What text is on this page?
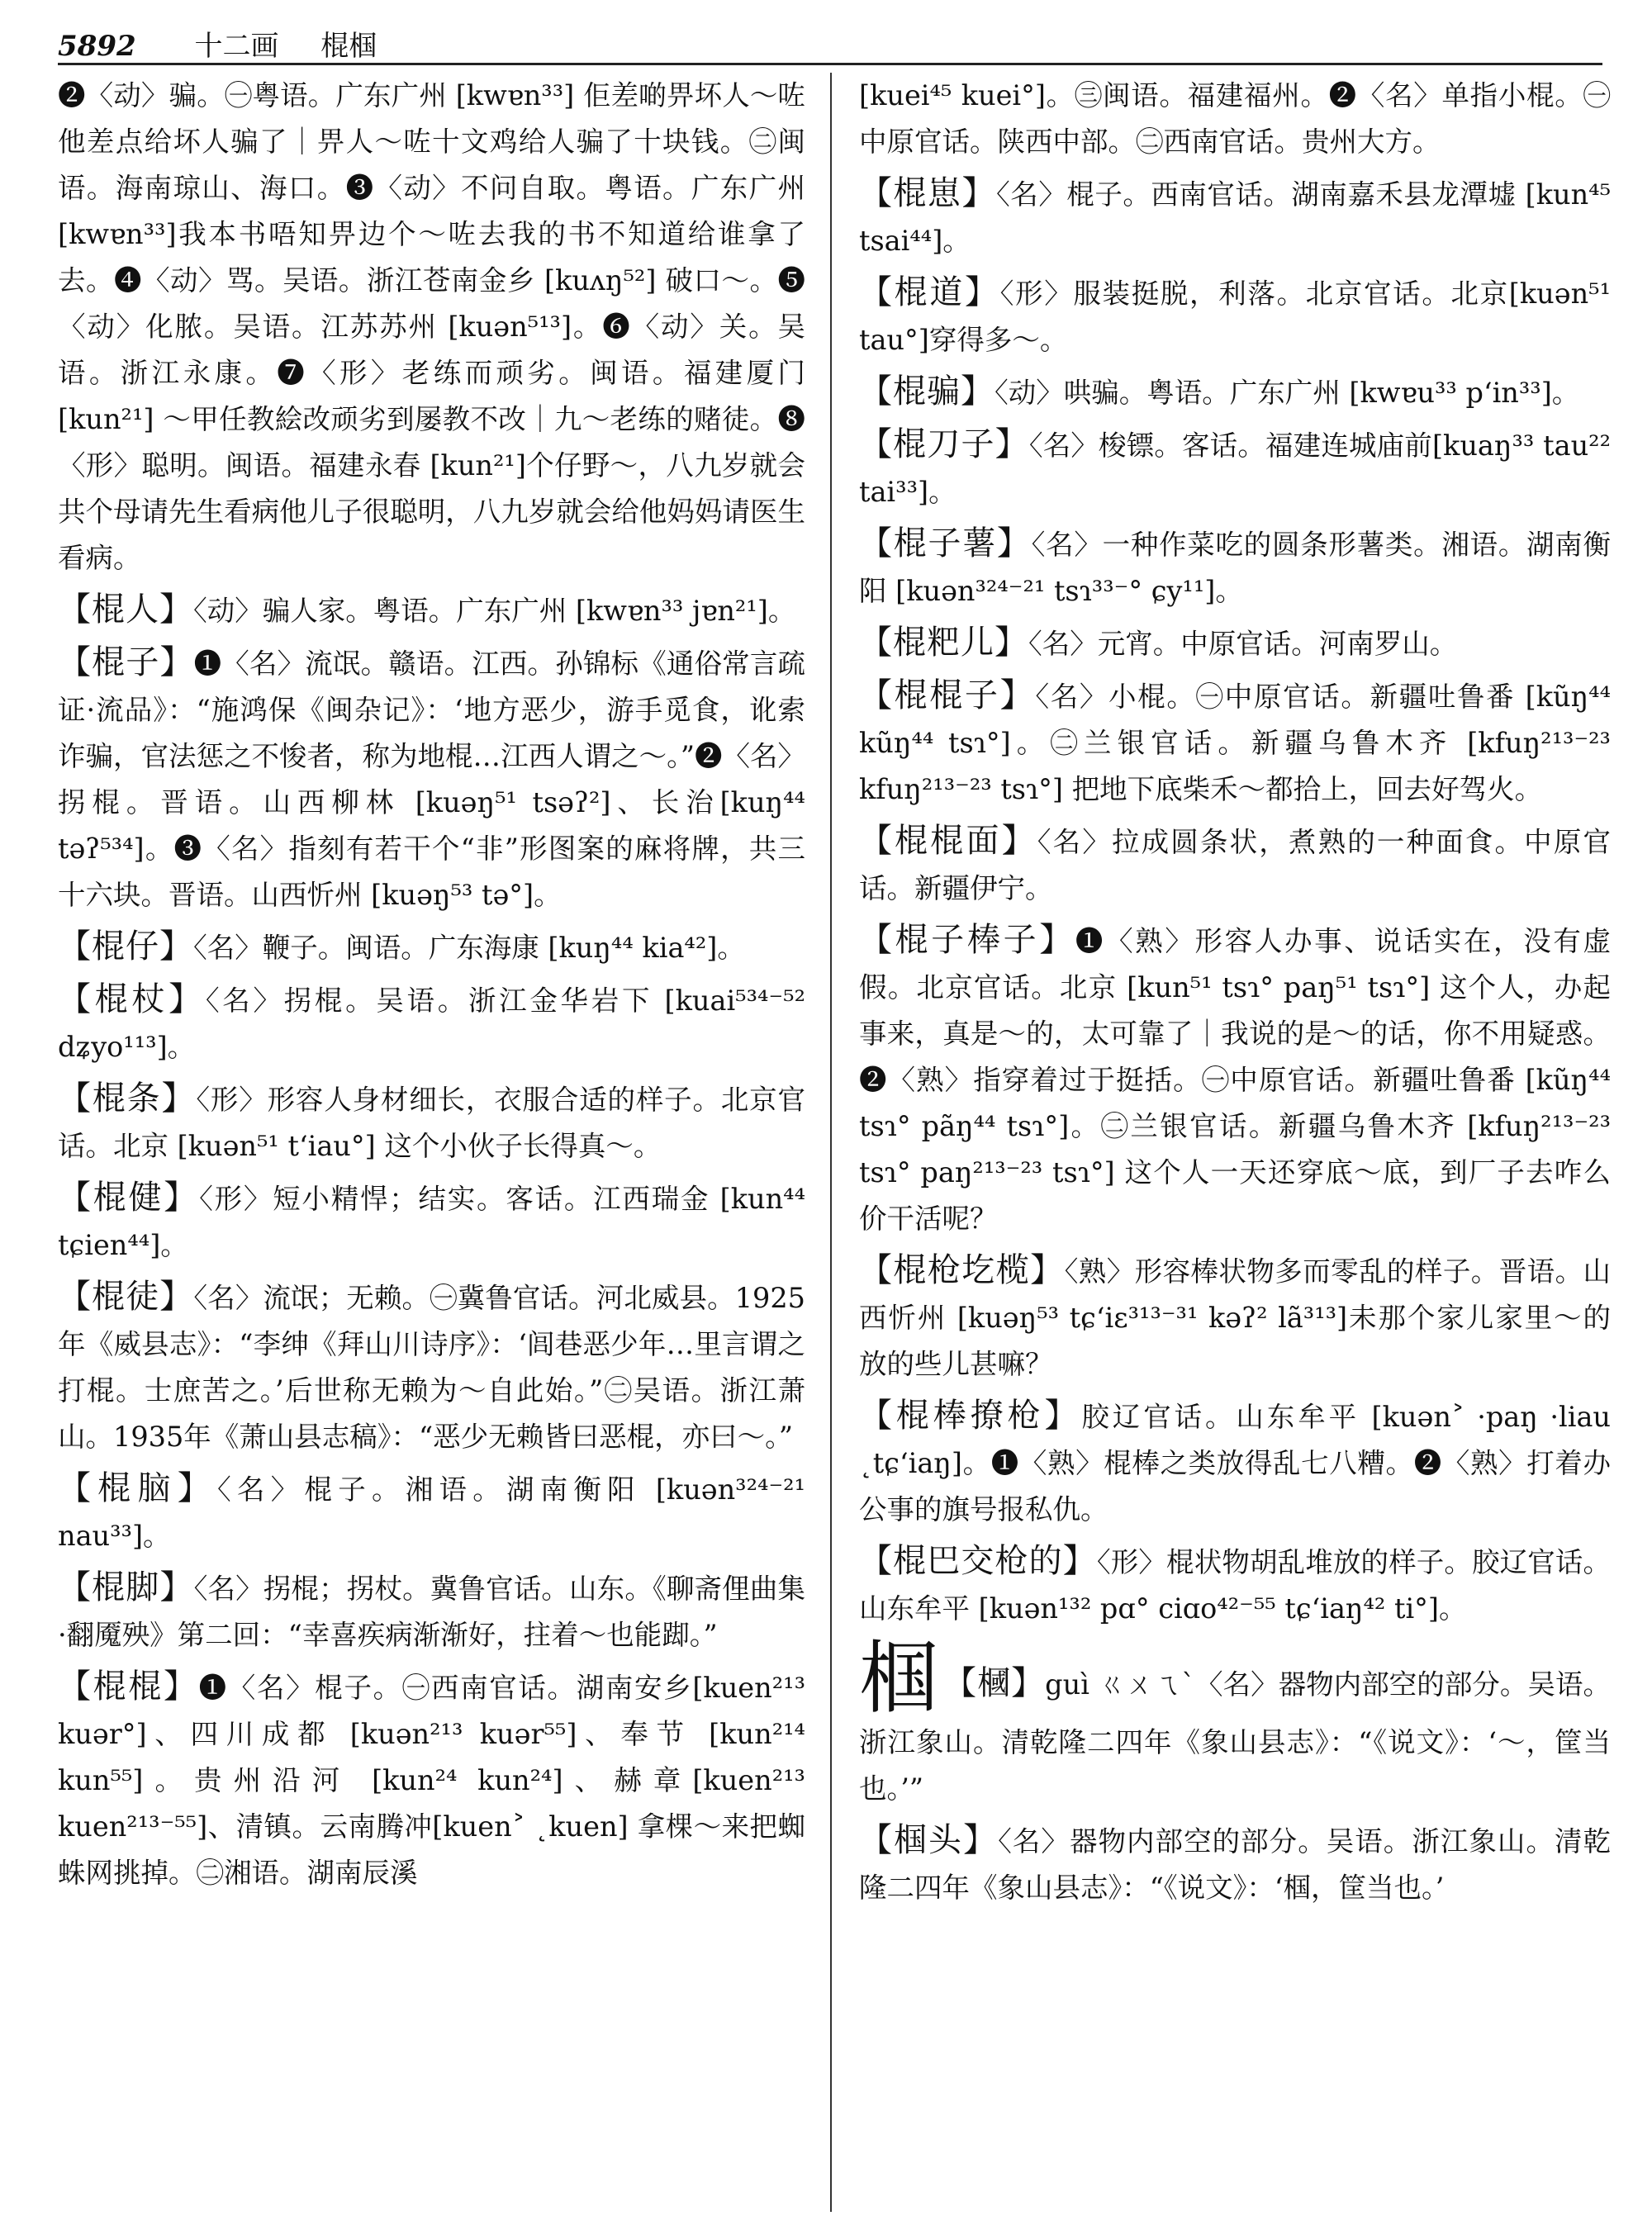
5892 十二画 棍椢

❷〈动〉骗。㊀粤语。广东广州 [kwɐn³³] 佢差啲畀坏人～咗他差点给坏人骗了｜畀人～咗十文鸡给人骗了十块钱。㊁闽语。海南琼山、海口。❸〈动〉不问自取。粤语。广东广州 [kwɐn³³]我本书唔知畀边个～咗去我的书不知道给谁拿了去。❹〈动〉骂。吴语。浙江苍南金乡 [kuʌŋ⁵²] 破口～。❺〈动〉化脓。吴语。江苏苏州 [kuən⁵¹³]。❻〈动〉关。吴语。浙江永康。❼〈形〉老练而顽劣。闽语。福建厦门 [kun²¹] ～甲任教絵改顽劣到屡教不改｜九～老练的赌徒。❽〈形〉聪明。闽语。福建永春 [kun²¹]个仔野～，八九岁就会共个母请先生看病他儿子很聪明，八九岁就会给他妈妈请医生看病。

【棍人】〈动〉骗人家。粤语。广东广州 [kwɐn³³ jɐn²¹]。

【棍子】❶〈名〉流氓。赣语。江西。孙锦标《通俗常言疏证·流品》：“施鸿保《闽杂记》：‘地方恶少，游手觅食，讹索诈骗，官法惩之不悛者，称为地棍…江西人谓之～。”❷〈名〉拐棍。晋语。山西柳林 [kuəŋ⁵¹ tsəʔ²]、长治[kuŋ⁴⁴ təʔ⁵³⁴]。❸〈名〉指刻有若干个“非”形图案的麻将牌，共三十六块。晋语。山西忻州 [kuəŋ⁵³ tə°]。

【棍仔】〈名〉鞭子。闽语。广东海康 [kuŋ⁴⁴ kia⁴²]。

【棍杖】〈名〉拐棍。吴语。浙江金华岩下 [kuai⁵³⁴⁻⁵² dʑyo¹¹³]。

【棍条】〈形〉形容人身材细长，衣服合适的样子。北京官话。北京 [kuən⁵¹ tʻiau°] 这个小伙子长得真～。

【棍健】〈形〉短小精悍；结实。客话。江西瑞金 [kun⁴⁴ tɕien⁴⁴]。

【棍徒】〈名〉流氓；无赖。㊀冀鲁官话。河北威县。1925年《威县志》：“李绅《拜山川诗序》：‘闾巷恶少年…里言谓之打棍。士庶苦之。’后世称无赖为～自此始。”㊁吴语。浙江萧山。1935年《萧山县志稿》：“恶少无赖皆曰恶棍，亦曰～。”

【棍脑】〈名〉棍子。湘语。湖南衡阳 [kuən³²⁴⁻²¹ nau³³]。

【棍脚】〈名〉拐棍；拐杖。冀鲁官话。山东。《聊斋俚曲集·翻魇殃》第二回：“幸喜疾病渐渐好，拄着～也能踋。”

【棍棍】❶〈名〉棍子。㊀西南官话。湖南安乡[kuen²¹³ kuər°]、四川成都 [kuən²¹³ kuər⁵⁵]、奉节 [kun²¹⁴ kun⁵⁵]。贵州沿河 [kun²⁴ kun²⁴]、赫章[kuen²¹³ kuen²¹³⁻⁵⁵]、清镇。云南腾冲[kuen˃ ˛kuen] 拿棵～来把蜘蛛网挑掉。㊁湘语。湖南辰溪

[kuei⁴⁵ kuei°]。㊂闽语。福建福州。❷〈名〉单指小棍。㊀中原官话。陕西中部。㊁西南官话。贵州大方。

【棍崽】〈名〉棍子。西南官话。湖南嘉禾县龙潭墟 [kun⁴⁵ tsai⁴⁴]。

【棍道】〈形〉服装挺脱，利落。北京官话。北京[kuən⁵¹ tau°]穿得多～。

【棍骗】〈动〉哄骗。粤语。广东广州 [kwɐu³³ pʻin³³]。

【棍刀子】〈名〉梭镖。客话。福建连城庙前[kuaŋ³³ tau²² tai³³]。

【棍子薯】〈名〉一种作菜吃的圆条形薯类。湘语。湖南衡阳 [kuən³²⁴⁻²¹ tsɿ³³⁻° ɕy¹¹]。

【棍粑儿】〈名〉元宵。中原官话。河南罗山。

【棍棍子】〈名〉小棍。㊀中原官话。新疆吐鲁番 [kũŋ⁴⁴ kũŋ⁴⁴ tsɿ°]。㊁兰银官话。新疆乌鲁木齐 [kfuŋ²¹³⁻²³ kfuŋ²¹³⁻²³ tsɿ°] 把地下底柴禾～都拾上，回去好驾火。

【棍棍面】〈名〉拉成圆条状，煮熟的一种面食。中原官话。新疆伊宁。

【棍子棒子】❶〈熟〉形容人办事、说话实在，没有虚假。北京官话。北京 [kun⁵¹ tsɿ° paŋ⁵¹ tsɿ°] 这个人，办起事来，真是～的，太可靠了｜我说的是～的话，你不用疑惑。❷〈熟〉指穿着过于挺括。㊀中原官话。新疆吐鲁番 [kũŋ⁴⁴ tsɿ° pãŋ⁴⁴ tsɿ°]。㊁兰银官话。新疆乌鲁木齐 [kfuŋ²¹³⁻²³ tsɿ° paŋ²¹³⁻²³ tsɿ°] 这个人一天还穿底～底，到厂子去咋么价干活呢？

【棍枪圪榄】〈熟〉形容棒状物多而零乱的样子。晋语。山西忻州 [kuəŋ⁵³ tɕʻiɛ³¹³⁻³¹ kəʔ² lã³¹³]未那个家儿家里～的放的些儿甚嘛？

【棍棒撩枪】胶辽官话。山东牟平 [kuən˃ ·paŋ ·liau ˛tɕʻiaŋ]。❶〈熟〉棍棒之类放得乱七八糟。❷〈熟〉打着办公事的旗号报私仇。

【棍巴交枪的】〈形〉棍状物胡乱堆放的样子。胶辽官话。山东牟平 [kuən¹³² pɑ° ciɑo⁴²⁻⁵⁵ tɕʻiaŋ⁴² ti°]。

椢 【槶】guì ㄍㄨㄟˋ〈名〉器物内部空的部分。吴语。浙江象山。清乾隆二四年《象山县志》：“《说文》：‘～，筐当也。’”

【椢头】〈名〉器物内部空的部分。吴语。浙江象山。清乾隆二四年《象山县志》：“《说文》：‘椢，筐当也。’
